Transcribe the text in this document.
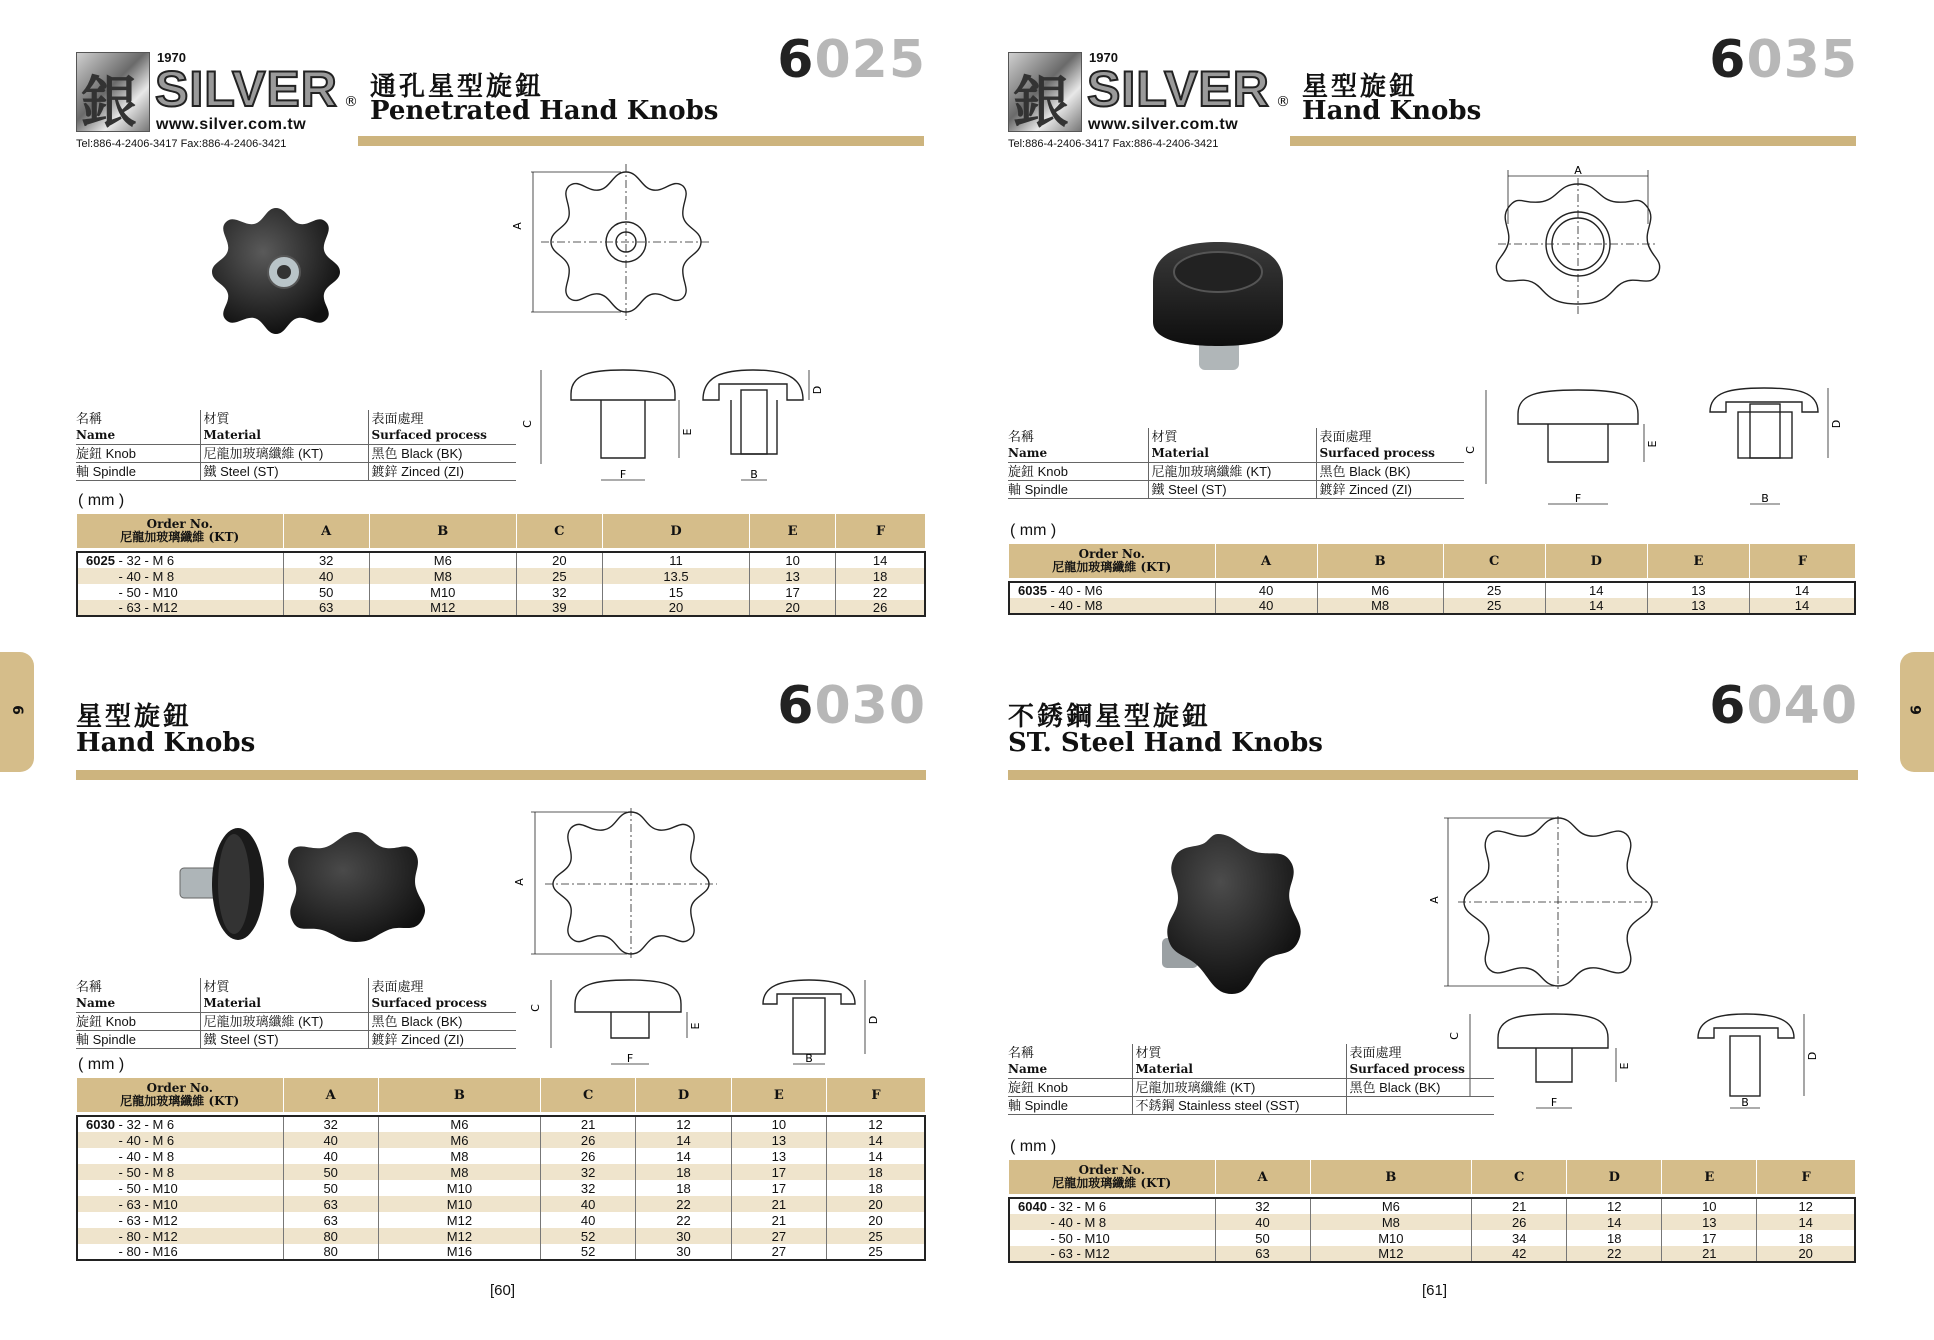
銀
1970
SILVER ®
www.silver.com.tw
Tel:886-4-2406-3417 Fax:886-4-2406-3421
通孔星型旋鈕
Penetrated Hand Knobs
6025
A
C
E
D
F	B
名稱	材質	表面處理
Name	Material	Surfaced process
旋鈕 Knob	尼龍加玻璃纖維 (KT)	黑色 Black (BK)
軸 Spindle	鐵 Steel (ST)	鍍鋅 Zinced (ZI)
( mm )
Order No.
尼龍加玻璃纖維 (KT)	A	B	C	D	E	F

6025 - 32 - M 6	32	M6	20	11	10	14
- 40 - M 8	40	M8	25	13.5	13	18
- 50 - M10	50	M10	32	15	17	22
- 63 - M12	63	M12	39	20	20	26
銀
1970
SILVER ®
www.silver.com.tw
Tel:886-4-2406-3417 Fax:886-4-2406-3421
星型旋鈕
Hand Knobs
6035
A
C
E
D
F	B
名稱	材質	表面處理
Name	Material	Surfaced process
旋鈕 Knob	尼龍加玻璃纖維 (KT)	黑色 Black (BK)
軸 Spindle	鐵 Steel (ST)	鍍鋅 Zinced (ZI)
( mm )
Order No.
尼龍加玻璃纖維 (KT)	A	B	C	D	E	F

6035 - 40 - M6	40	M6	25	14	13	14
- 40 - M8	40	M8	25	14	13	14
星型旋鈕
Hand Knobs
6030
A
C
E
D
F	B
名稱	材質	表面處理
Name	Material	Surfaced process
旋鈕 Knob	尼龍加玻璃纖維 (KT)	黑色 Black (BK)
軸 Spindle	鐵 Steel (ST)	鍍鋅 Zinced (ZI)
( mm )
Order No.
尼龍加玻璃纖維 (KT)	A	B	C	D	E	F

6030 - 32 - M 6	32	M6	21	12	10	12
- 40 - M 6	40	M6	26	14	13	14
- 40 - M 8	40	M8	26	14	13	14
- 50 - M 8	50	M8	32	18	17	18
- 50 - M10	50	M10	32	18	17	18
- 63 - M10	63	M10	40	22	21	20
- 63 - M12	63	M12	40	22	21	20
- 80 - M12	80	M12	52	30	27	25
- 80 - M16	80	M16	52	30	27	25
不銹鋼星型旋鈕
ST. Steel Hand Knobs
6040
A
C
E
D
F	B
名稱	材質	表面處理
Name	Material	Surfaced process
旋鈕 Knob	尼龍加玻璃纖維 (KT)	黑色 Black (BK)
軸 Spindle	不銹鋼 Stainless steel (SST)	
( mm )
Order No.
尼龍加玻璃纖維 (KT)	A	B	C	D	E	F

6040 - 32 - M 6	32	M6	21	12	10	12
- 40 - M 8	40	M8	26	14	13	14
- 50 - M10	50	M10	34	18	17	18
- 63 - M12	63	M12	42	22	21	20
6	6
[60]	[61]
